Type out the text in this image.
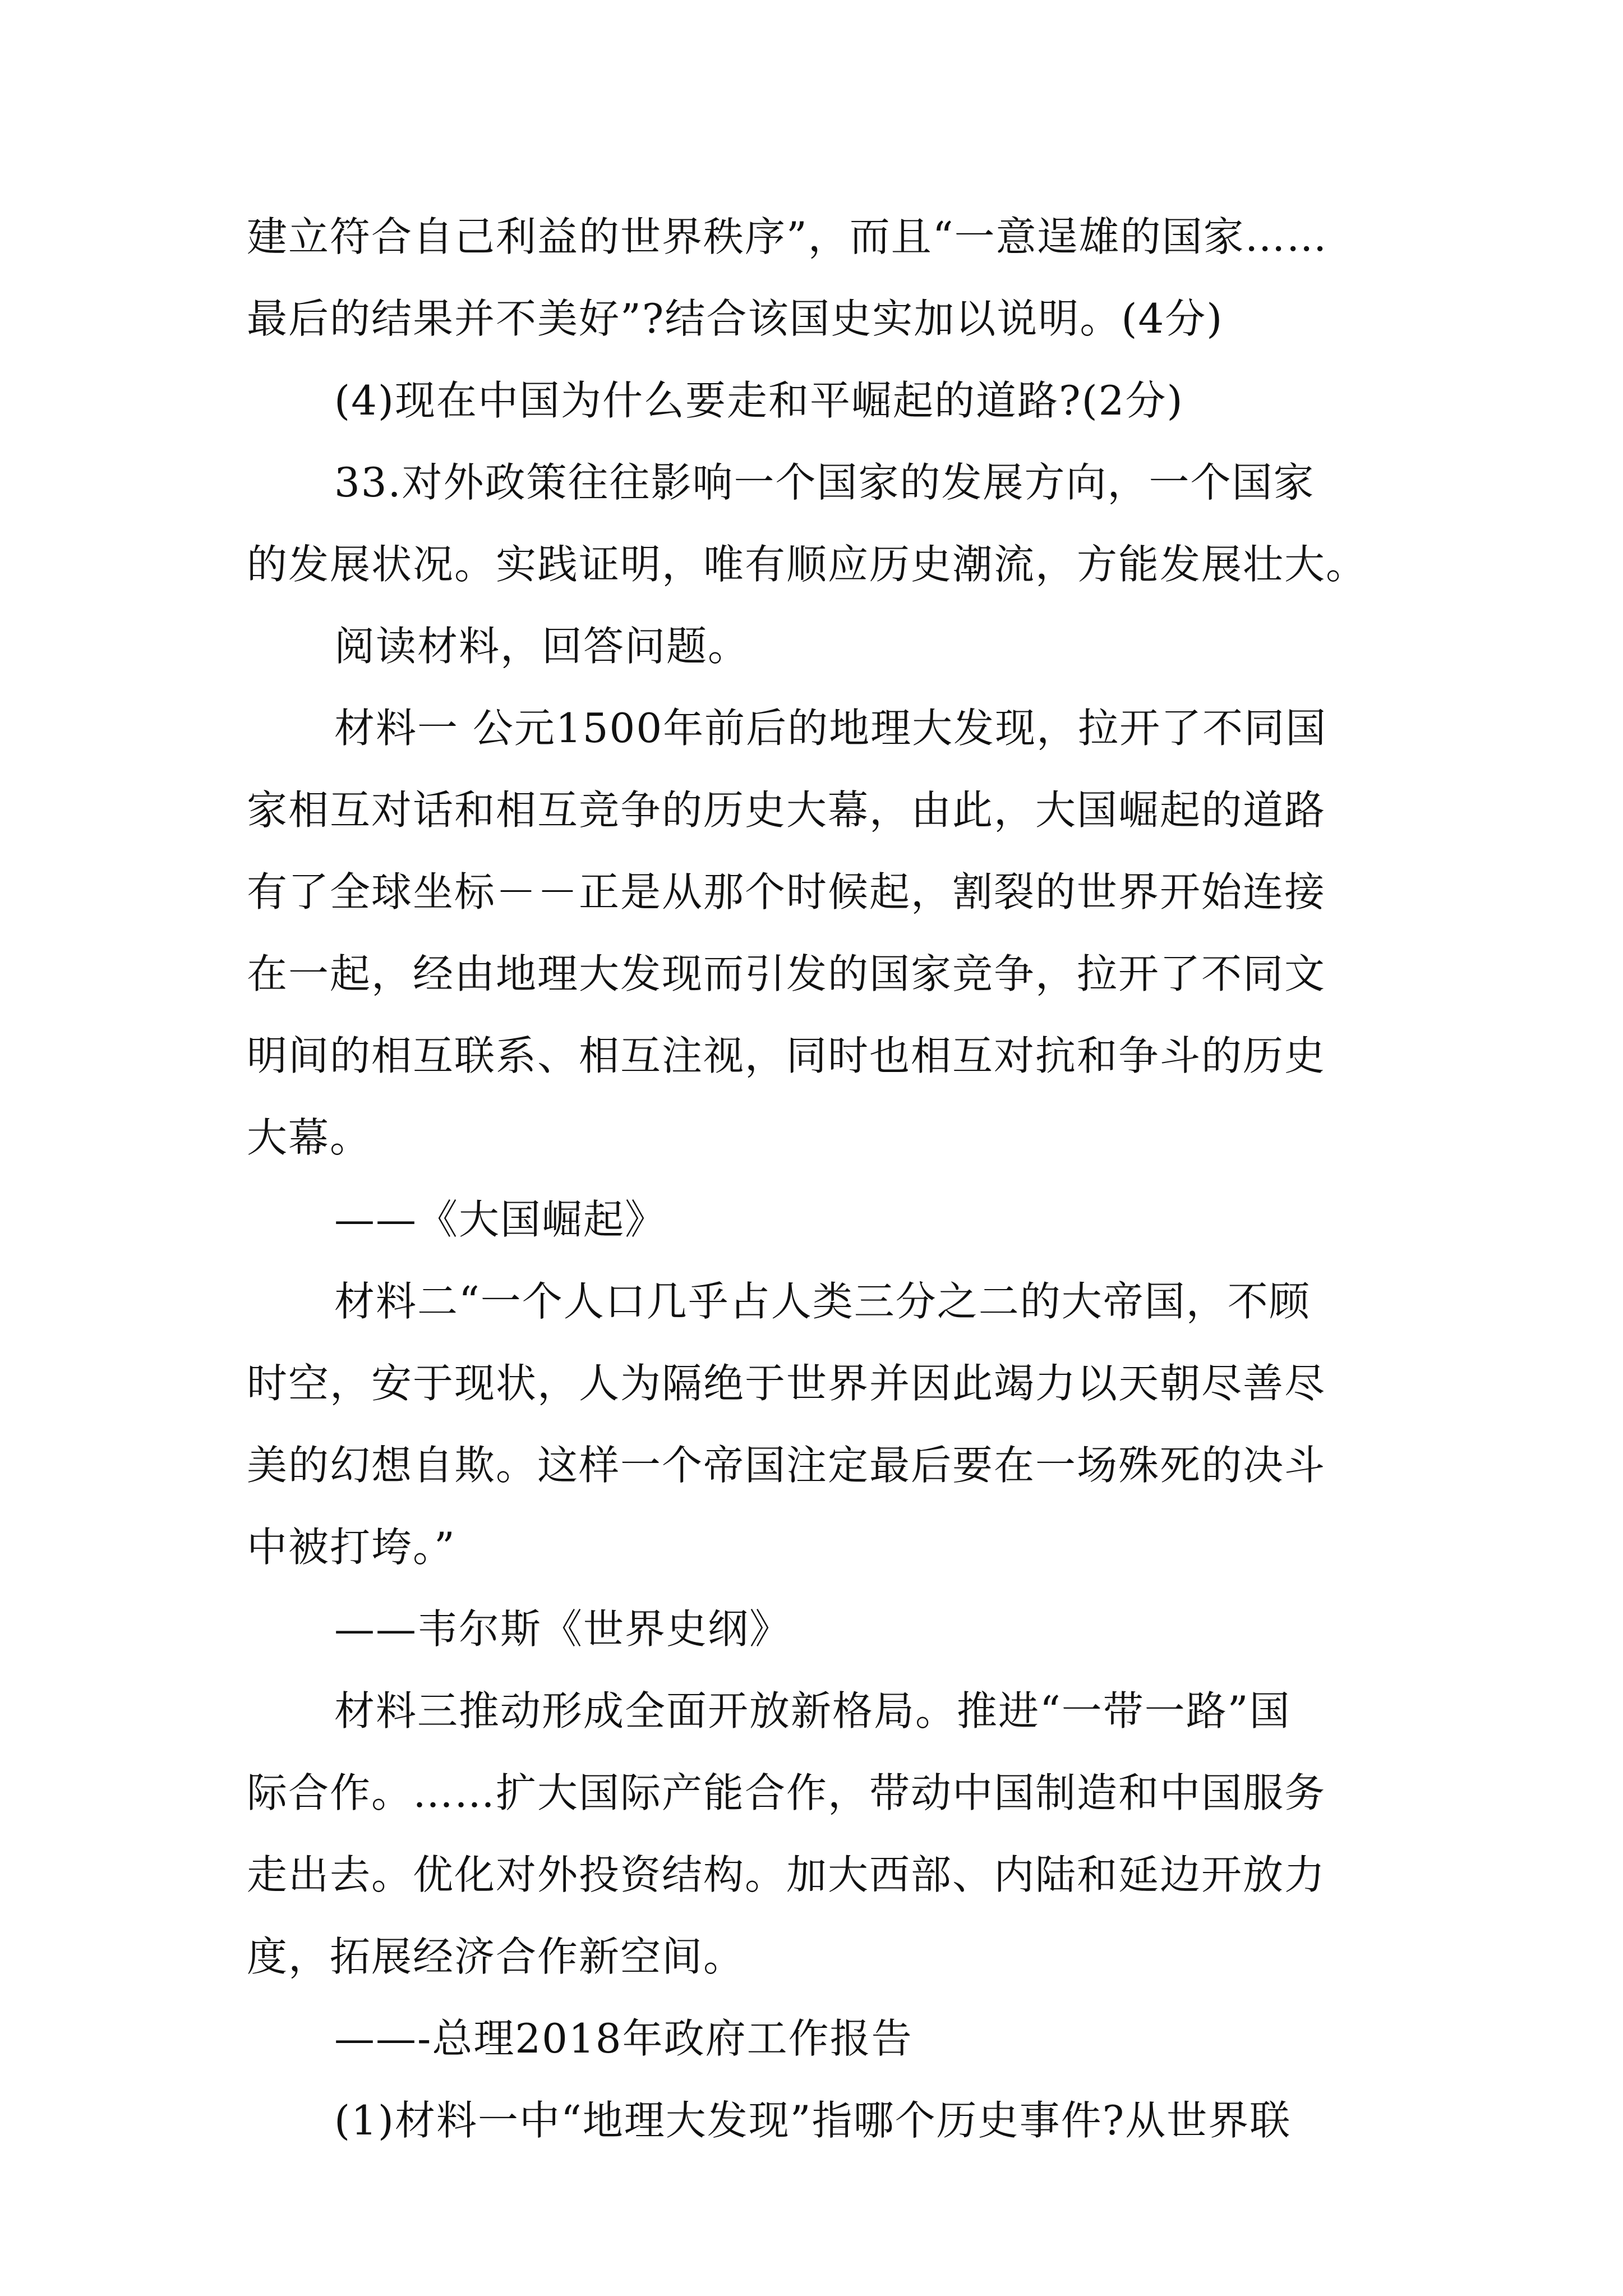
建立符合自己利益的世界秩序”，而且“一意逞雄的国家……
最后的结果并不美好”?结合该国史实加以说明。(4分)
(4)现在中国为什么要走和平崛起的道路?(2分)
33.对外政策往往影响一个国家的发展方向，一个国家
的发展状况。实践证明，唯有顺应历史潮流，方能发展壮大。
阅读材料，回答问题。
材料一 公元1500年前后的地理大发现，拉开了不同国
家相互对话和相互竞争的历史大幕，由此，大国崛起的道路
有了全球坐标－－正是从那个时候起，割裂的世界开始连接
在一起，经由地理大发现而引发的国家竞争，拉开了不同文
明间的相互联系、相互注视，同时也相互对抗和争斗的历史
大幕。
——《大国崛起》
材料二“一个人口几乎占人类三分之二的大帝国，不顾
时空，安于现状，人为隔绝于世界并因此竭力以天朝尽善尽
美的幻想自欺。这样一个帝国注定最后要在一场殊死的决斗
中被打垮。”
——韦尔斯《世界史纲》
材料三推动形成全面开放新格局。推进“一带一路”国
际合作。……扩大国际产能合作，带动中国制造和中国服务
走出去。优化对外投资结构。加大西部、内陆和延边开放力
度，拓展经济合作新空间。
——-总理2018年政府工作报告
(1)材料一中“地理大发现”指哪个历史事件?从世界联
